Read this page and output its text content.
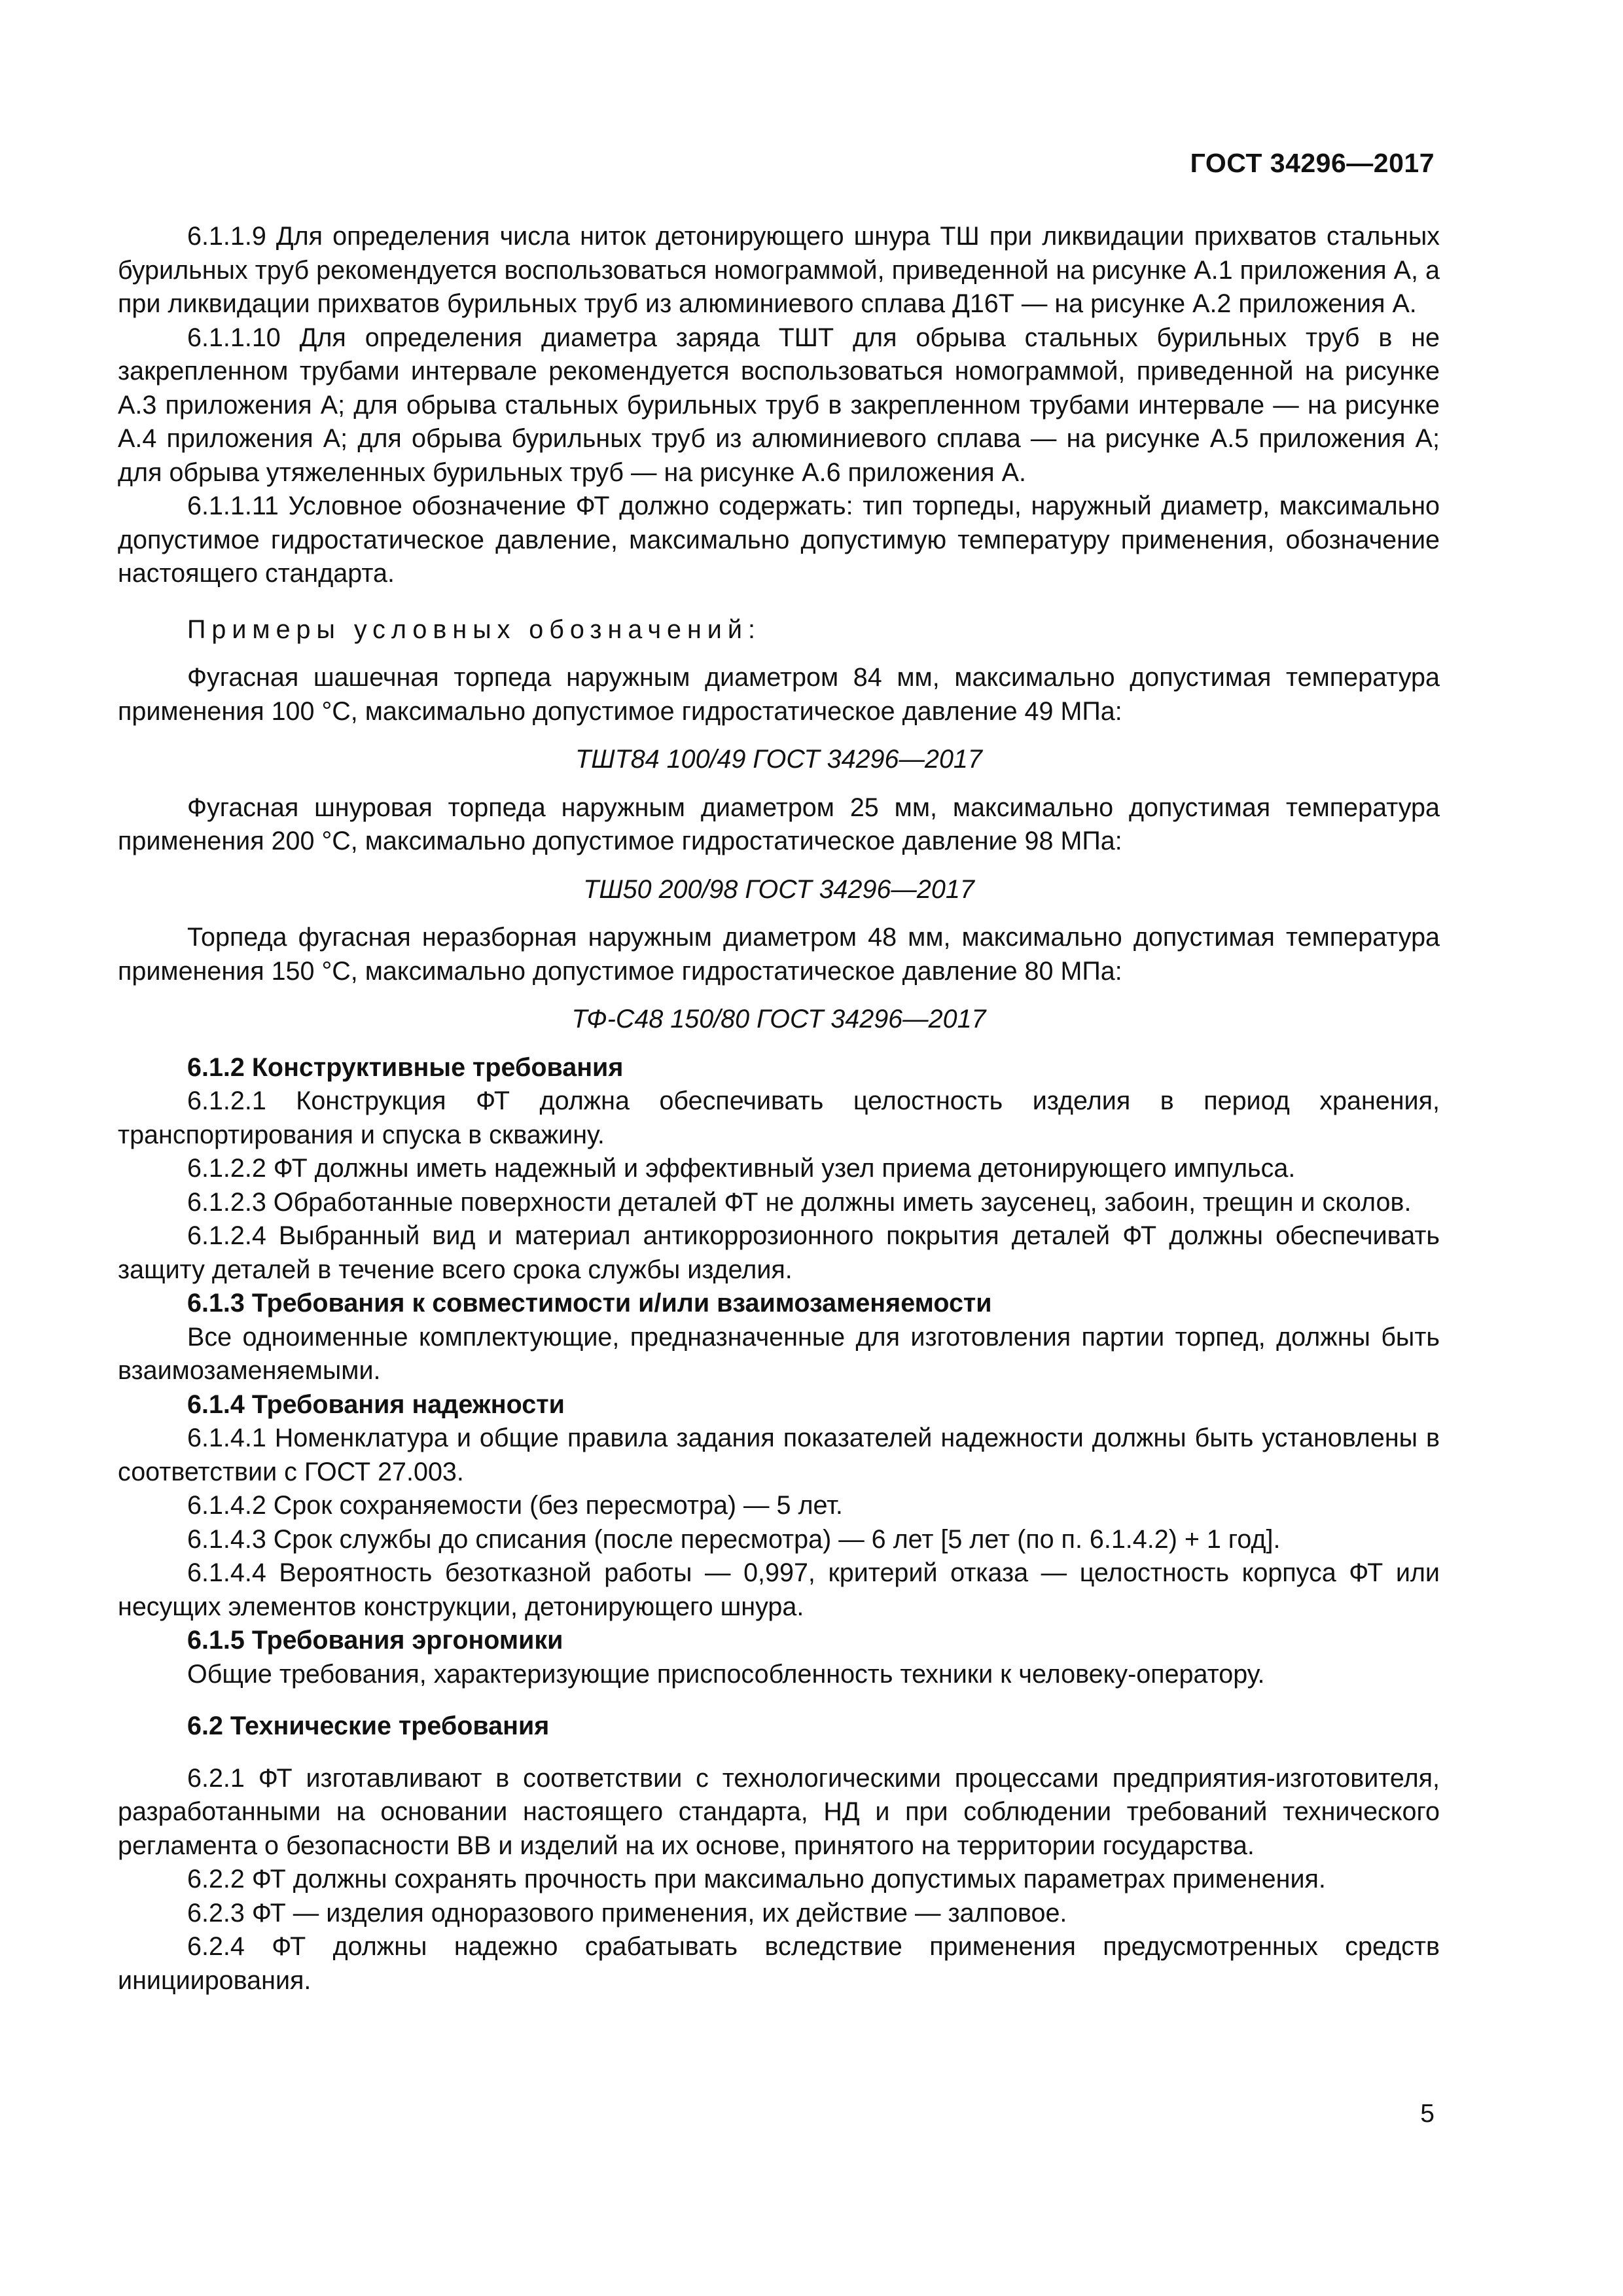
ГОСТ 34296—2017

6.1.1.9 Для определения числа ниток детонирующего шнура ТШ при ликвидации прихватов стальных бурильных труб рекомендуется воспользоваться номограммой, приведенной на рисунке А.1 приложения А, а при ликвидации прихватов бурильных труб из алюминиевого сплава Д16Т — на рисунке А.2 приложения А.

6.1.1.10 Для определения диаметра заряда ТШТ для обрыва стальных бурильных труб в не закрепленном трубами интервале рекомендуется воспользоваться номограммой, приведенной на рисунке А.3 приложения А; для обрыва стальных бурильных труб в закрепленном трубами интервале — на рисунке А.4 приложения А; для обрыва бурильных труб из алюминиевого сплава — на рисунке А.5 приложения А; для обрыва утяжеленных бурильных труб — на рисунке А.6 приложения А.

6.1.1.11 Условное обозначение ФТ должно содержать: тип торпеды, наружный диаметр, максимально допустимое гидростатическое давление, максимально допустимую температуру применения, обозначение настоящего стандарта.

Примеры условных обозначений:

Фугасная шашечная торпеда наружным диаметром 84 мм, максимально допустимая температура применения 100 °С, максимально допустимое гидростатическое давление 49 МПа:

ТШТ84 100/49 ГОСТ 34296—2017

Фугасная шнуровая торпеда наружным диаметром 25 мм, максимально допустимая температура применения 200 °С, максимально допустимое гидростатическое давление 98 МПа:

ТШ50 200/98 ГОСТ 34296—2017

Торпеда фугасная неразборная наружным диаметром 48 мм, максимально допустимая температура применения 150 °С, максимально допустимое гидростатическое давление 80 МПа:

ТФ-С48 150/80 ГОСТ 34296—2017

6.1.2 Конструктивные требования

6.1.2.1 Конструкция ФТ должна обеспечивать целостность изделия в период хранения, транспортирования и спуска в скважину.

6.1.2.2 ФТ должны иметь надежный и эффективный узел приема детонирующего импульса.

6.1.2.3 Обработанные поверхности деталей ФТ не должны иметь заусенец, забоин, трещин и сколов.

6.1.2.4 Выбранный вид и материал антикоррозионного покрытия деталей ФТ должны обеспечивать защиту деталей в течение всего срока службы изделия.

6.1.3 Требования к совместимости и/или взаимозаменяемости

Все одноименные комплектующие, предназначенные для изготовления партии торпед, должны быть взаимозаменяемыми.

6.1.4 Требования надежности

6.1.4.1 Номенклатура и общие правила задания показателей надежности должны быть установлены в соответствии с ГОСТ 27.003.

6.1.4.2 Срок сохраняемости (без пересмотра) — 5 лет.

6.1.4.3 Срок службы до списания (после пересмотра) — 6 лет [5 лет (по п. 6.1.4.2) + 1 год].

6.1.4.4 Вероятность безотказной работы — 0,997, критерий отказа — целостность корпуса ФТ или несущих элементов конструкции, детонирующего шнура.

6.1.5 Требования эргономики

Общие требования, характеризующие приспособленность техники к человеку-оператору.

6.2 Технические требования

6.2.1 ФТ изготавливают в соответствии с технологическими процессами предприятия-изготовителя, разработанными на основании настоящего стандарта, НД и при соблюдении требований технического регламента о безопасности ВВ и изделий на их основе, принятого на территории государства.

6.2.2 ФТ должны сохранять прочность при максимально допустимых параметрах применения.

6.2.3 ФТ — изделия одноразового применения, их действие — залповое.

6.2.4 ФТ должны надежно срабатывать вследствие применения предусмотренных средств инициирования.

5
